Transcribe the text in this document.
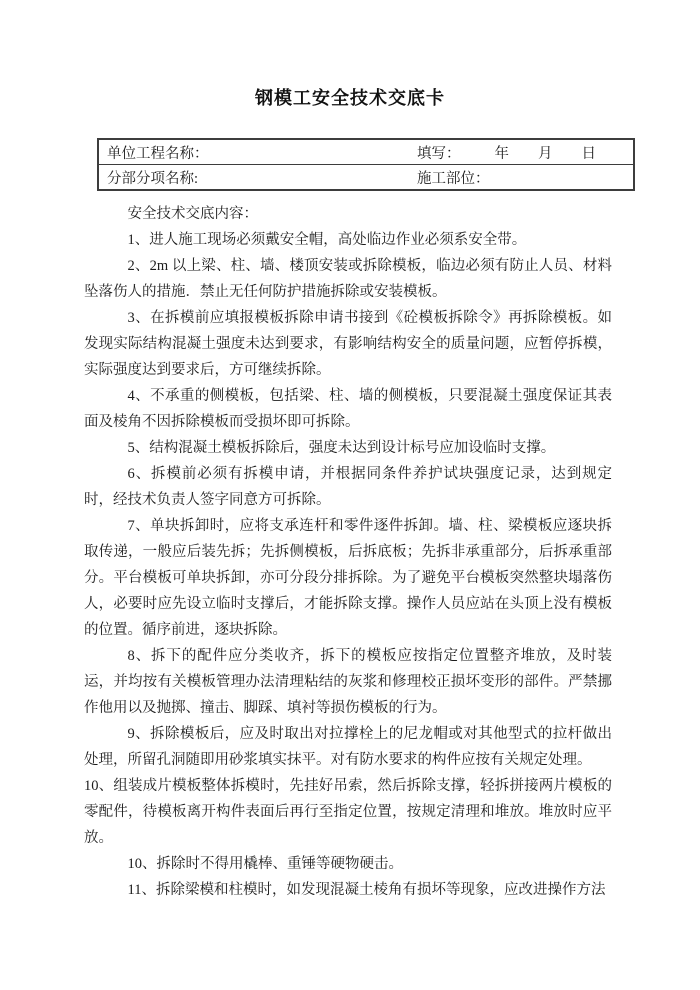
钢模工安全技术交底卡
单位工程名称：	填写： 年 月 日
分部分项名称:	施工部位：

安全技术交底内容：

1、进人施工现场必须戴安全帽，高处临边作业必须系安全带。

2、2m 以上梁、柱、墙、楼顶安装或拆除模板，临边必须有防止人员、材料坠落伤人的措施．禁止无任何防护措施拆除或安装模板。

3、在拆模前应填报模板拆除申请书接到《砼模板拆除令》再拆除模板。如发现实际结构混凝土强度未达到要求，有影响结构安全的质量问题，应暂停拆模，实际强度达到要求后，方可继续拆除。

4、不承重的侧模板，包括梁、柱、墙的侧模板，只要混凝土强度保证其表面及棱角不因拆除模板而受损坏即可拆除。

5、结构混凝土模板拆除后，强度未达到设计标号应加设临时支撑。

6、拆模前必须有拆模申请，并根据同条件养护试块强度记录，达到规定时，经技术负责人签字同意方可拆除。

7、单块拆卸时，应将支承连杆和零件逐件拆卸。墙、柱、梁模板应逐块拆取传递，一般应后装先拆；先拆侧模板，后拆底板；先拆非承重部分，后拆承重部分。平台模板可单块拆卸，亦可分段分排拆除。为了避免平台模板突然整块塌落伤人，必要时应先设立临时支撑后，才能拆除支撑。操作人员应站在头顶上没有模板的位置。循序前进，逐块拆除。

8、拆下的配件应分类收齐，拆下的模板应按指定位置整齐堆放，及时装运，并均按有关模板管理办法清理粘结的灰浆和修理校正损坏变形的部件。严禁挪作他用以及抛掷、撞击、脚踩、填衬等损伤模板的行为。

9、拆除模板后，应及时取出对拉撑栓上的尼龙帽或对其他型式的拉杆做出处理，所留孔洞随即用砂浆填实抹平。对有防水要求的构件应按有关规定处理。

10、组装成片模板整体拆模时，先挂好吊索，然后拆除支撑，轻拆拼接两片模板的零配件，待模板离开构件表面后再行至指定位置，按规定清理和堆放。堆放时应平放。

10、拆除时不得用橇棒、重锤等硬物硬击。

11、拆除梁模和柱模时，如发现混凝土棱角有损坏等现象，应改进操作方法
